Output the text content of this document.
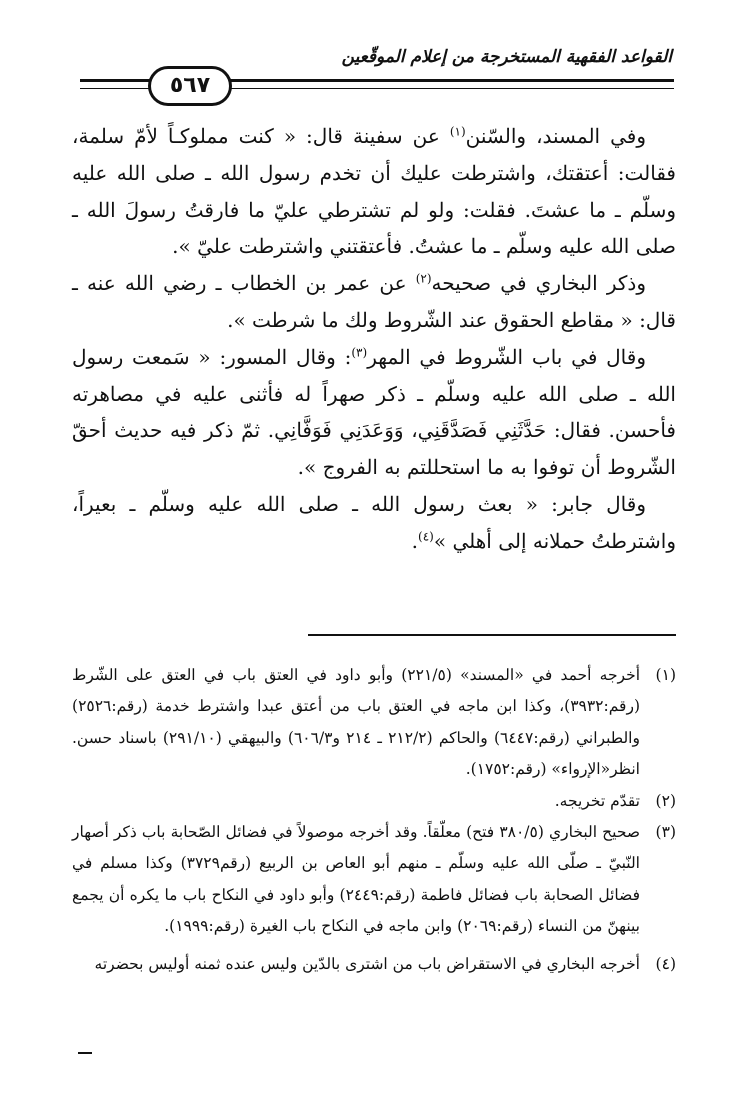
القواعد الفقهية المستخرجة من إعلام الموقّعين
٥٦٧

وفي المسند، والسّنن$^{(١)}$ عن سفينة قال: « كنت مملوكـاً لأمّ سلمة، فقالت: أعتقتك، واشترطت عليك أن تخدم رسول الله ـ صلى الله عليه وسلّم ـ ما عشتَ. فقلت: ولو لم تشترطي عليّ ما فارقتُ رسولَ الله ـ صلى الله عليه وسلّم ـ ما عشتُ. فأعتقتني واشترطت عليّ ».

وذكر البخاري في صحيحه$^{(٢)}$ عن عمر بن الخطاب ـ رضي الله عنه ـ قال: « مقاطع الحقوق عند الشّروط ولك ما شرطت ».

وقال في باب الشّروط في المهر$^{(٣)}$: وقال المسور: « سَمعت رسول الله ـ صلى الله عليه وسلّم ـ ذكر صهراً له فأثنى عليه في مصاهرته فأحسن. فقال: حَدَّثَنِي فَصَدَّقَنِي، وَوَعَدَنِي فَوَفَّانِي. ثمّ ذكر فيه حديث أحقّ الشّروط أن توفوا به ما استحللتم به الفروج ».

وقال جابر: « بعث رسول الله ـ صلى الله عليه وسلّم ـ بعيراً، واشترطتُ حملانه إلى أهلي »$^{(٤)}$.

(١)
أخرجه أحمد في «المسند» (٢٢١/٥) وأبو داود في العتق باب في العتق على الشّرط (رقم:٣٩٣٢)، وكذا ابن ماجه في العتق باب من أعتق عبدا واشترط خدمة (رقم:٢٥٢٦) والطبراني (رقم:٦٤٤٧) والحاكم (٢١٢/٢ ـ ٢١٤ و٦٠٦/٣) والبيهقي (٢٩١/١٠) باسناد حسن. انظر«الإرواء» (رقم:١٧٥٢).

(٢)
تقدّم تخريجه.

(٣)
صحيح البخاري (٣٨٠/٥ فتح) معلّقاً. وقد أخرجه موصولاً في فضائل الصّحابة باب ذكر أصهار النّبيّ ـ صلّى الله عليه وسلّم ـ منهم أبو العاص بن الربيع (رقم٣٧٢٩) وكذا مسلم في فضائل الصحابة باب فضائل فاطمة (رقم:٢٤٤٩) وأبو داود في النكاح باب ما يكره أن يجمع بينهنّ من النساء (رقم:٢٠٦٩) وابن ماجه في النكاح باب الغيرة (رقم:١٩٩٩).

(٤)
أخرجه البخاري في الاستقراض باب من اشترى بالدّين وليس عنده ثمنه أوليس بحضرته
